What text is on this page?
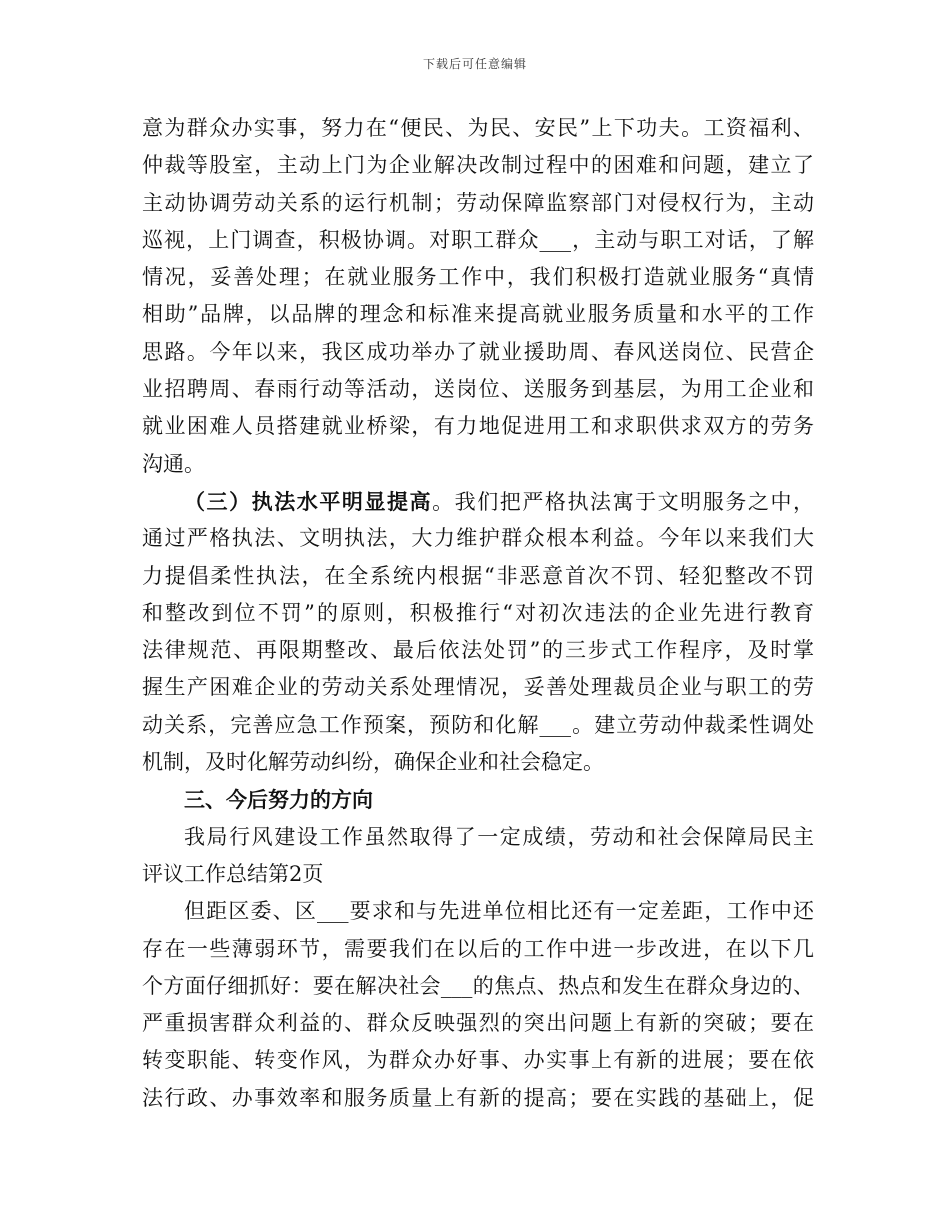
下载后可任意编辑
意为群众办实事，努力在“便民、为民、安民”上下功夫。工资福利、
仲裁等股室，主动上门为企业解决改制过程中的困难和问题，建立了
主动协调劳动关系的运行机制；劳动保障监察部门对侵权行为，主动
巡视，上门调查，积极协调。对职工群众___，主动与职工对话，了解
情况，妥善处理；在就业服务工作中，我们积极打造就业服务“真情
相助”品牌，以品牌的理念和标准来提高就业服务质量和水平的工作
思路。今年以来，我区成功举办了就业援助周、春风送岗位、民营企
业招聘周、春雨行动等活动，送岗位、送服务到基层，为用工企业和
就业困难人员搭建就业桥梁，有力地促进用工和求职供求双方的劳务
沟通。
（三）执法水平明显提高。我们把严格执法寓于文明服务之中，
通过严格执法、文明执法，大力维护群众根本利益。今年以来我们大
力提倡柔性执法，在全系统内根据“非恶意首次不罚、轻犯整改不罚
和整改到位不罚”的原则，积极推行“对初次违法的企业先进行教育
法律规范、再限期整改、最后依法处罚”的三步式工作程序，及时掌
握生产困难企业的劳动关系处理情况，妥善处理裁员企业与职工的劳
动关系，完善应急工作预案，预防和化解___。建立劳动仲裁柔性调处
机制，及时化解劳动纠纷，确保企业和社会稳定。
三、今后努力的方向
我局行风建设工作虽然取得了一定成绩，劳动和社会保障局民主
评议工作总结第2页
但距区委、区___要求和与先进单位相比还有一定差距，工作中还
存在一些薄弱环节，需要我们在以后的工作中进一步改进，在以下几
个方面仔细抓好：要在解决社会___的焦点、热点和发生在群众身边的、
严重损害群众利益的、群众反映强烈的突出问题上有新的突破；要在
转变职能、转变作风，为群众办好事、办实事上有新的进展；要在依
法行政、办事效率和服务质量上有新的提高；要在实践的基础上，促
